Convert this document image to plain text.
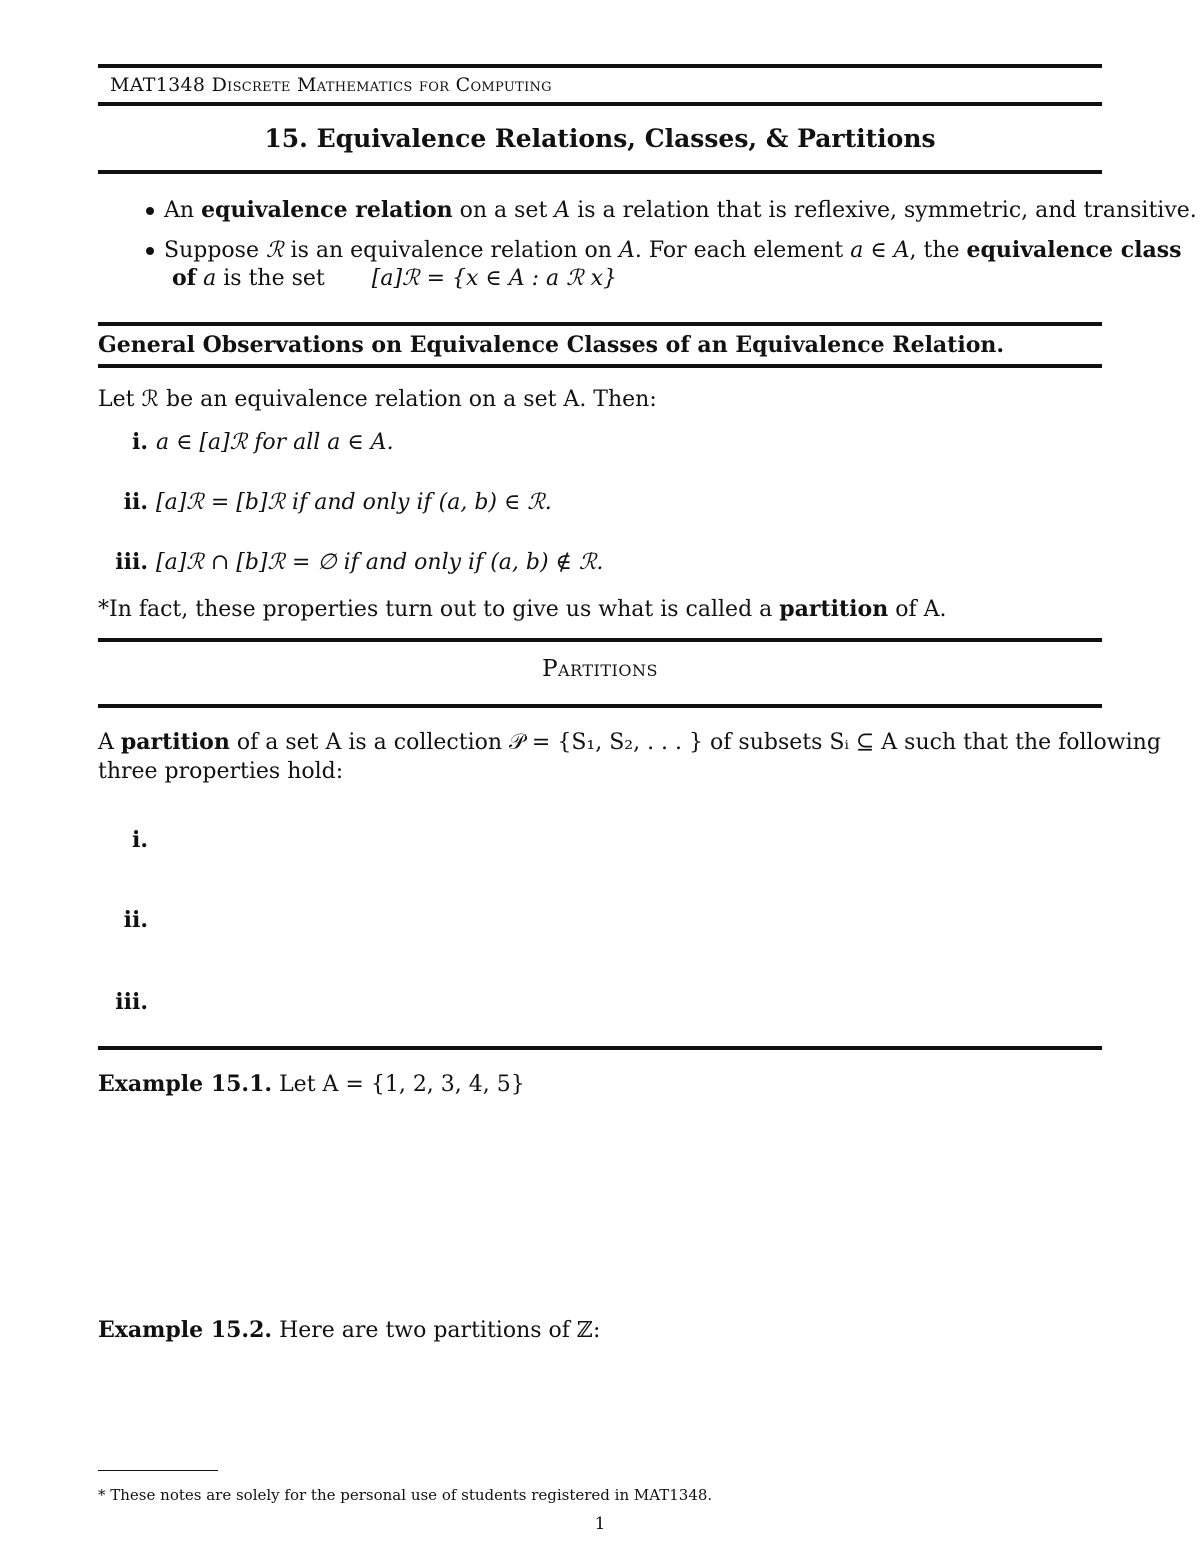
MAT1348 Discrete Mathematics for Computing
15. Equivalence Relations, Classes, & Partitions
An equivalence relation on a set A is a relation that is reflexive, symmetric, and transitive.
Suppose ℛ is an equivalence relation on A. For each element a ∈ A, the equivalence class
of a is the set [a]ℛ = {x ∈ A : a ℛ x}
General Observations on Equivalence Classes of an Equivalence Relation.
Let ℛ be an equivalence relation on a set A. Then:
i. a ∈ [a]ℛ for all a ∈ A.
ii. [a]ℛ = [b]ℛ if and only if (a, b) ∈ ℛ.
iii. [a]ℛ ∩ [b]ℛ = ∅ if and only if (a, b) ∉ ℛ.
*In fact, these properties turn out to give us what is called a partition of A.
Partitions
A partition of a set A is a collection 𝒫 = {S₁, S₂, . . . } of subsets Sᵢ ⊆ A such that the following
three properties hold:
i.
ii.
iii.
Example 15.1. Let A = {1, 2, 3, 4, 5}
Example 15.2. Here are two partitions of ℤ:
* These notes are solely for the personal use of students registered in MAT1348.
1
